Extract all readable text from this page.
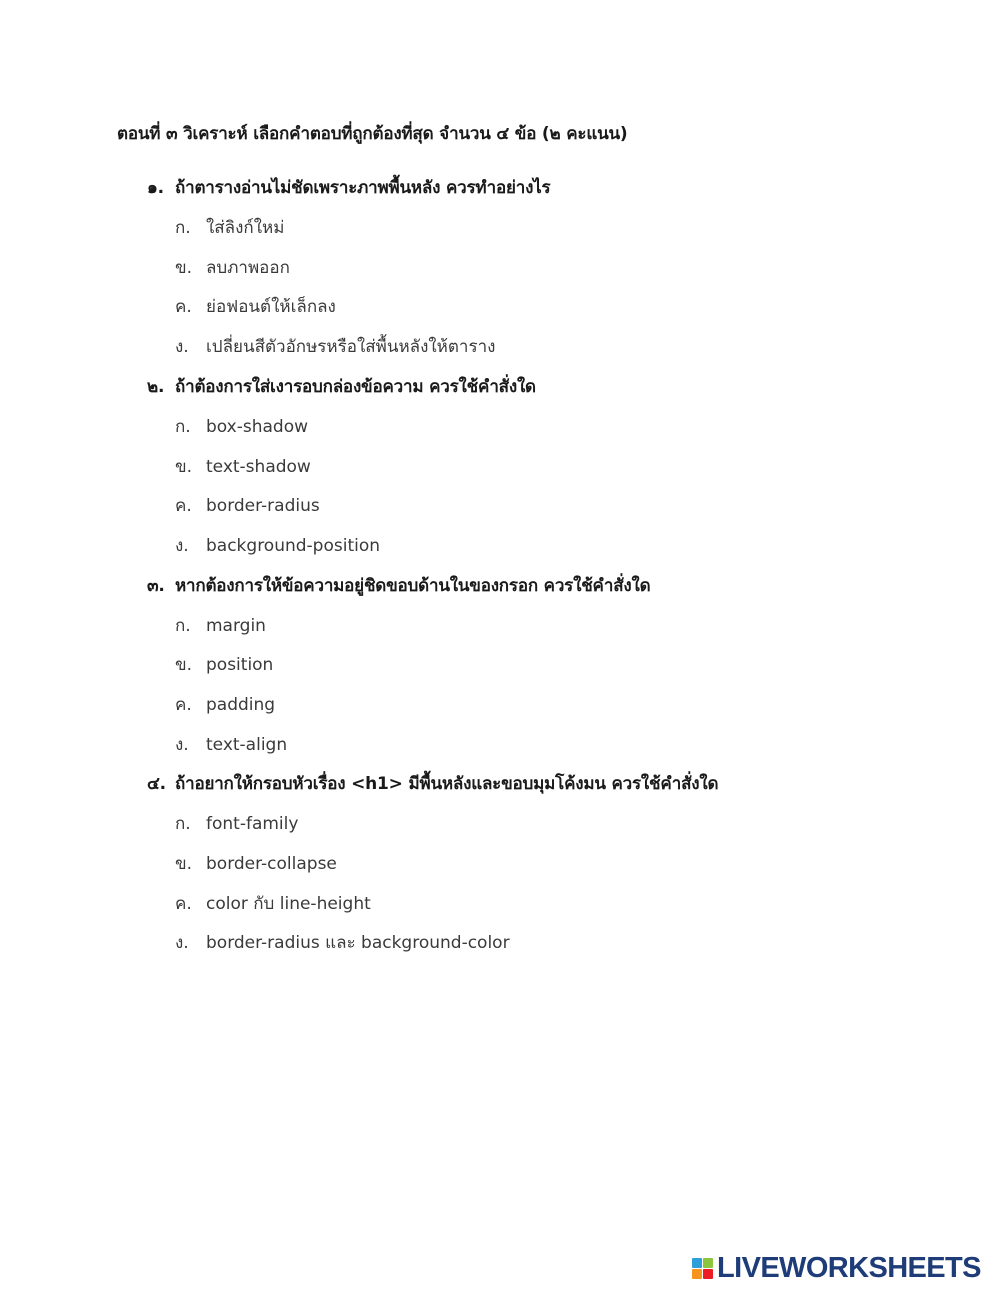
ตอนที่ ๓ วิเคราะห์ เลือกคำตอบที่ถูกต้องที่สุด จำนวน ๔ ข้อ (๒ คะแนน)
๑. ถ้าตารางอ่านไม่ชัดเพราะภาพพื้นหลัง ควรทำอย่างไร
ก. ใส่ลิงก์ใหม่
ข. ลบภาพออก
ค. ย่อฟอนต์ให้เล็กลง
ง. เปลี่ยนสีตัวอักษรหรือใส่พื้นหลังให้ตาราง
๒. ถ้าต้องการใส่เงารอบกล่องข้อความ ควรใช้คำสั่งใด
ก. box-shadow
ข. text-shadow
ค. border-radius
ง. background-position
๓. หากต้องการให้ข้อความอยู่ชิดขอบด้านในของกรอก ควรใช้คำสั่งใด
ก. margin
ข. position
ค. padding
ง. text-align
๔. ถ้าอยากให้กรอบหัวเรื่อง <h1> มีพื้นหลังและขอบมุมโค้งมน ควรใช้คำสั่งใด
ก. font-family
ข. border-collapse
ค. color กับ line-height
ง. border-radius และ background-color
LIVEWORKSHEETS
